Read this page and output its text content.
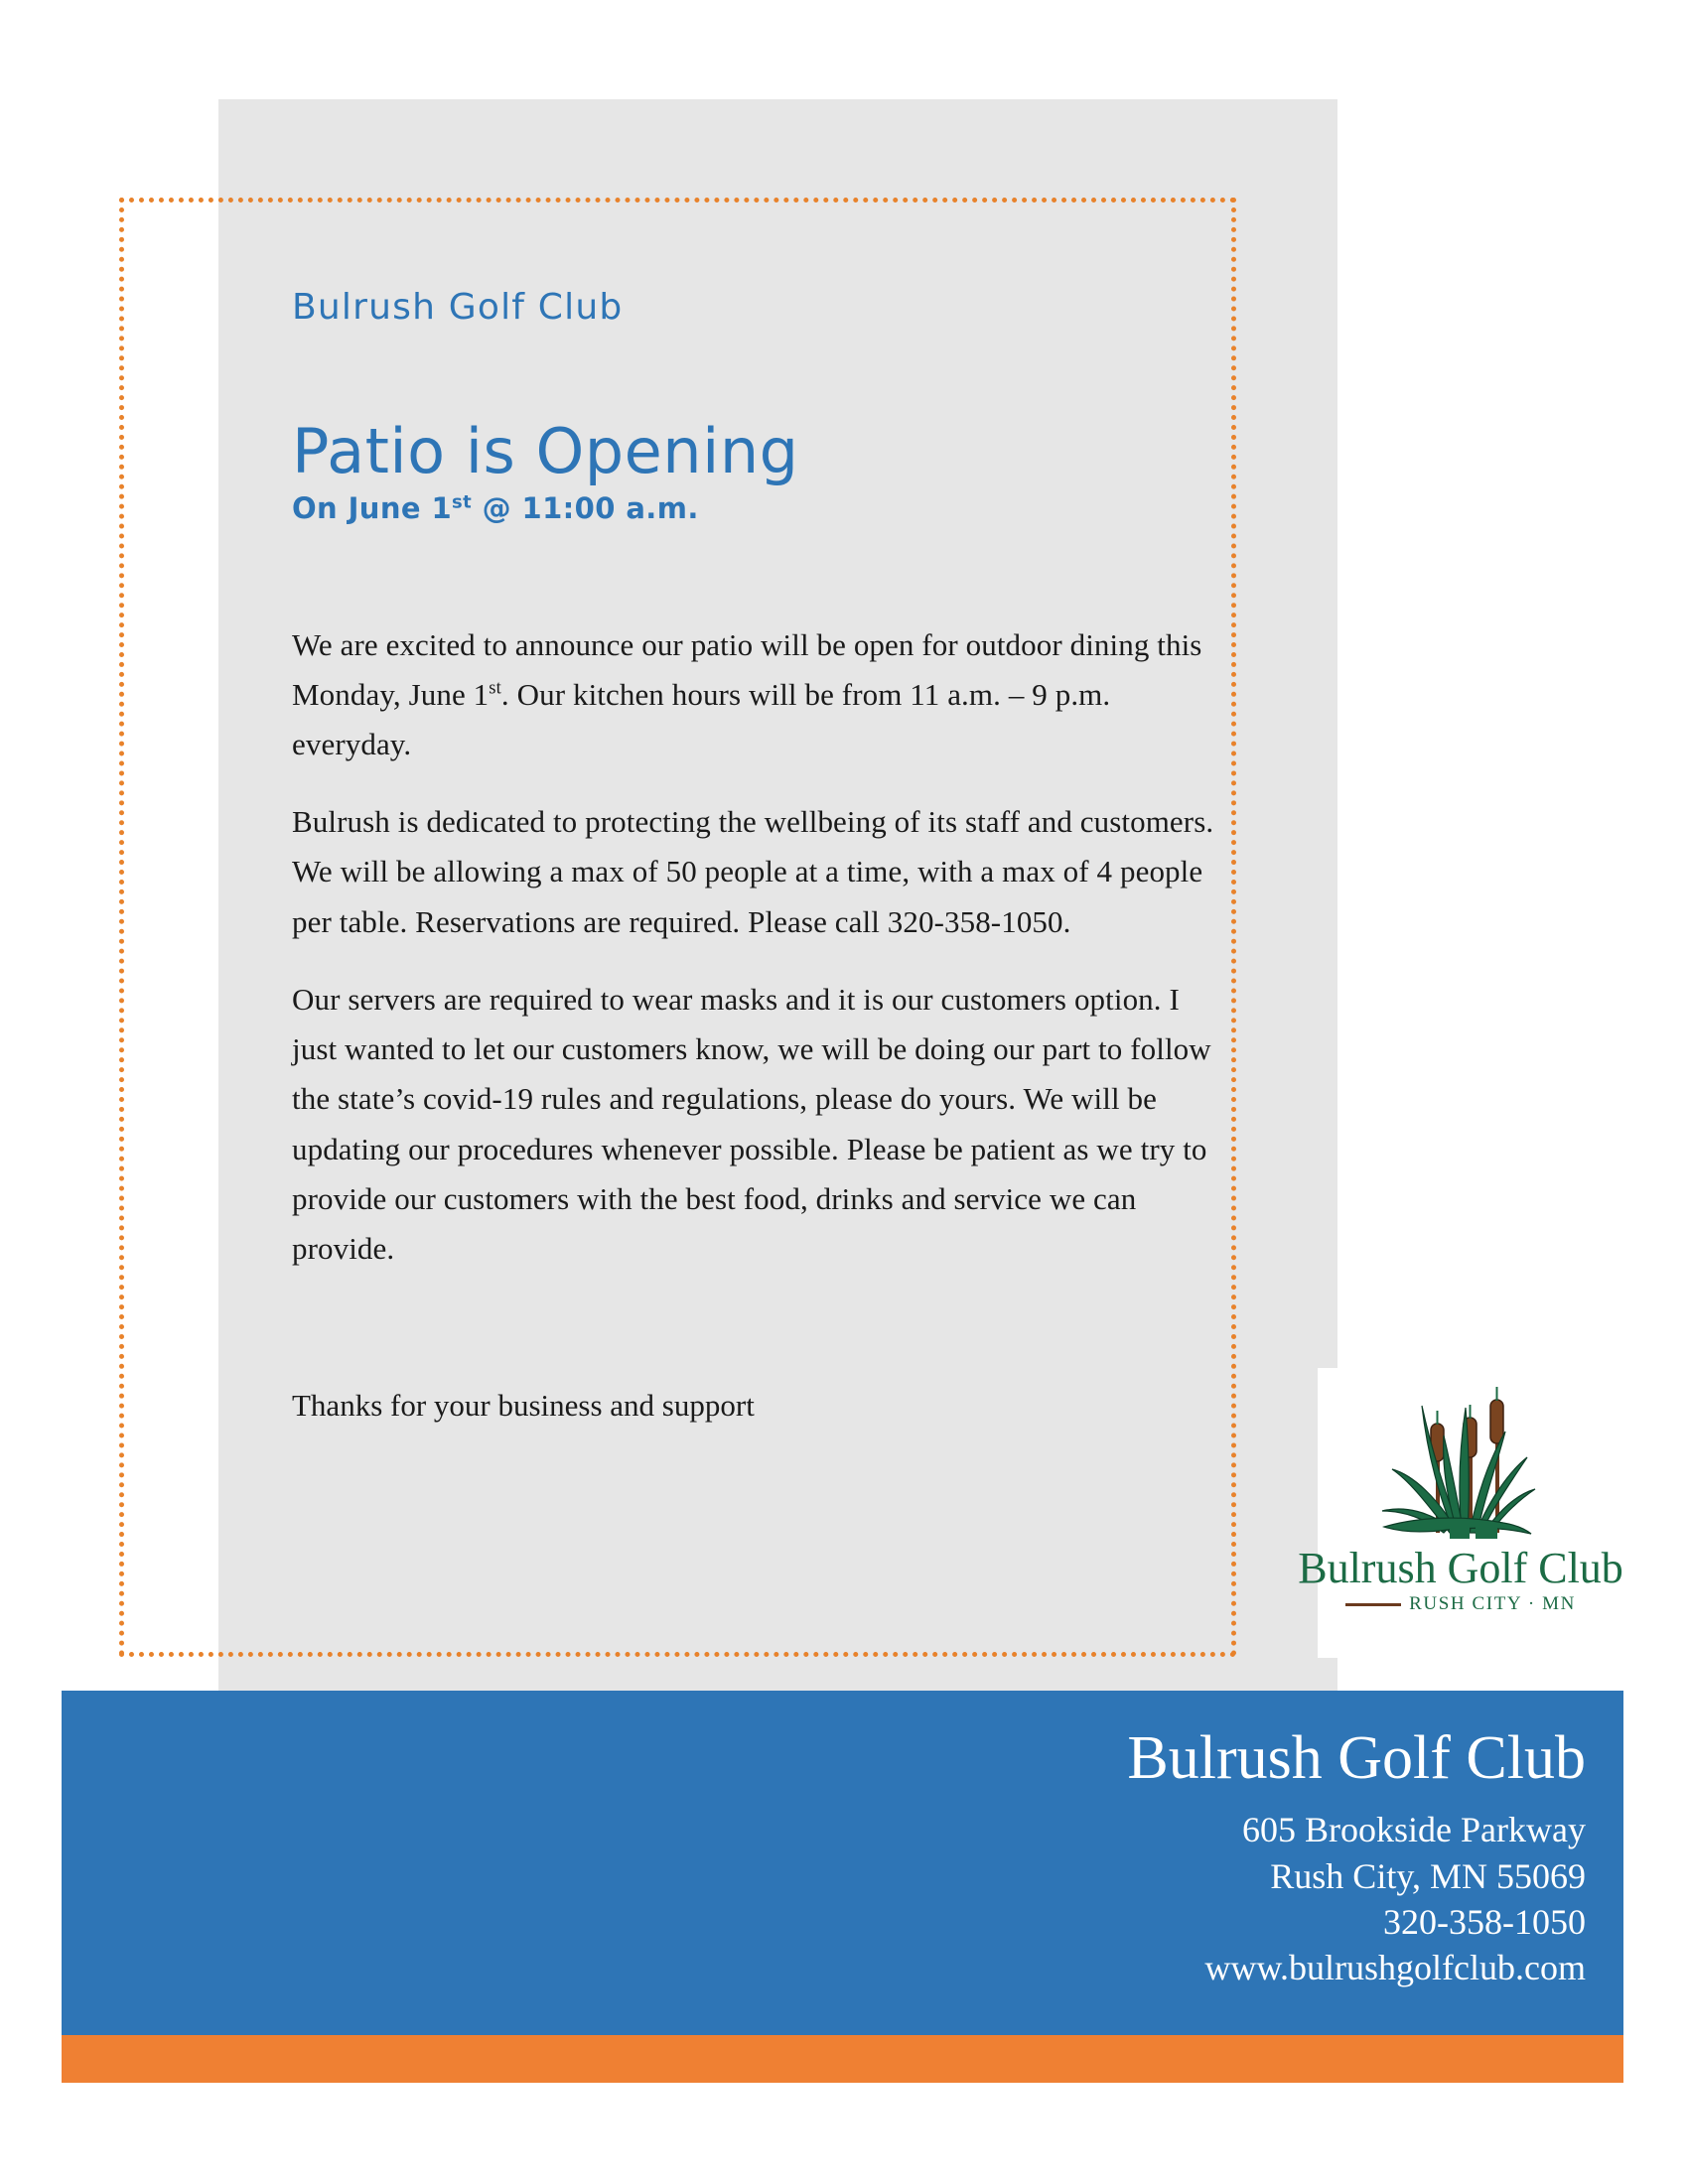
Bulrush Golf Club
Patio is Opening
On June 1st @ 11:00 a.m.

We are excited to announce our patio will be open for outdoor dining this Monday, June 1st. Our kitchen hours will be from 11 a.m. – 9 p.m. everyday.

Bulrush is dedicated to protecting the wellbeing of its staff and customers. We will be allowing a max of 50 people at a time, with a max of 4 people per table. Reservations are required. Please call 320-358-1050.

Our servers are required to wear masks and it is our customers option. I just wanted to let our customers know, we will be doing our part to follow the state’s covid-19 rules and regulations, please do yours. We will be updating our procedures whenever possible. Please be patient as we try to provide our customers with the best food, drinks and service we can provide.

Thanks for your business and support

Bulrush Golf Club
RUSH CITY · MN
Bulrush Golf Club

605 Brookside Parkway

Rush City, MN 55069

320-358-1050

www.bulrushgolfclub.com
